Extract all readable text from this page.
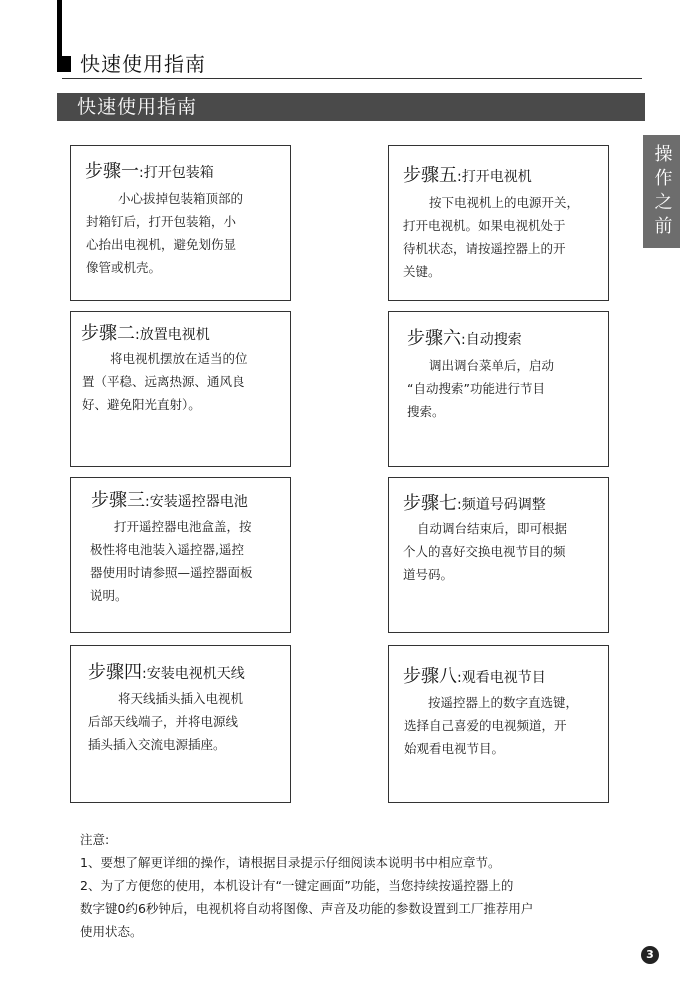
快速使用指南
快速使用指南
操作之前
步骤一:打开包装箱
小心拔掉包装箱顶部的
封箱钉后，打开包装箱，小
心抬出电视机，避免划伤显
像管或机壳。
步骤二:放置电视机
将电视机摆放在适当的位
置（平稳、远离热源、通风良
好、避免阳光直射）。
步骤三:安装遥控器电池
打开遥控器电池盒盖，按
极性将电池装入遥控器,遥控
器使用时请参照—遥控器面板
说明。
步骤四:安装电视机天线
将天线插头插入电视机
后部天线端子，并将电源线
插头插入交流电源插座。
步骤五:打开电视机
按下电视机上的电源开关，
打开电视机。如果电视机处于
待机状态，请按遥控器上的开
关键。
步骤六:自动搜索
调出调台菜单后，启动
“自动搜索”功能进行节目
搜索。
步骤七:频道号码调整
自动调台结束后，即可根据
个人的喜好交换电视节目的频
道号码。
步骤八:观看电视节目
按遥控器上的数字直选键，
选择自己喜爱的电视频道，开
始观看电视节目。
注意:
1、要想了解更详细的操作，请根据目录提示仔细阅读本说明书中相应章节。
2、为了方便您的使用，本机设计有“一键定画面”功能，当您持续按遥控器上的
数字键0约6秒钟后，电视机将自动将图像、声音及功能的参数设置到工厂推荐用户
使用状态。
3
